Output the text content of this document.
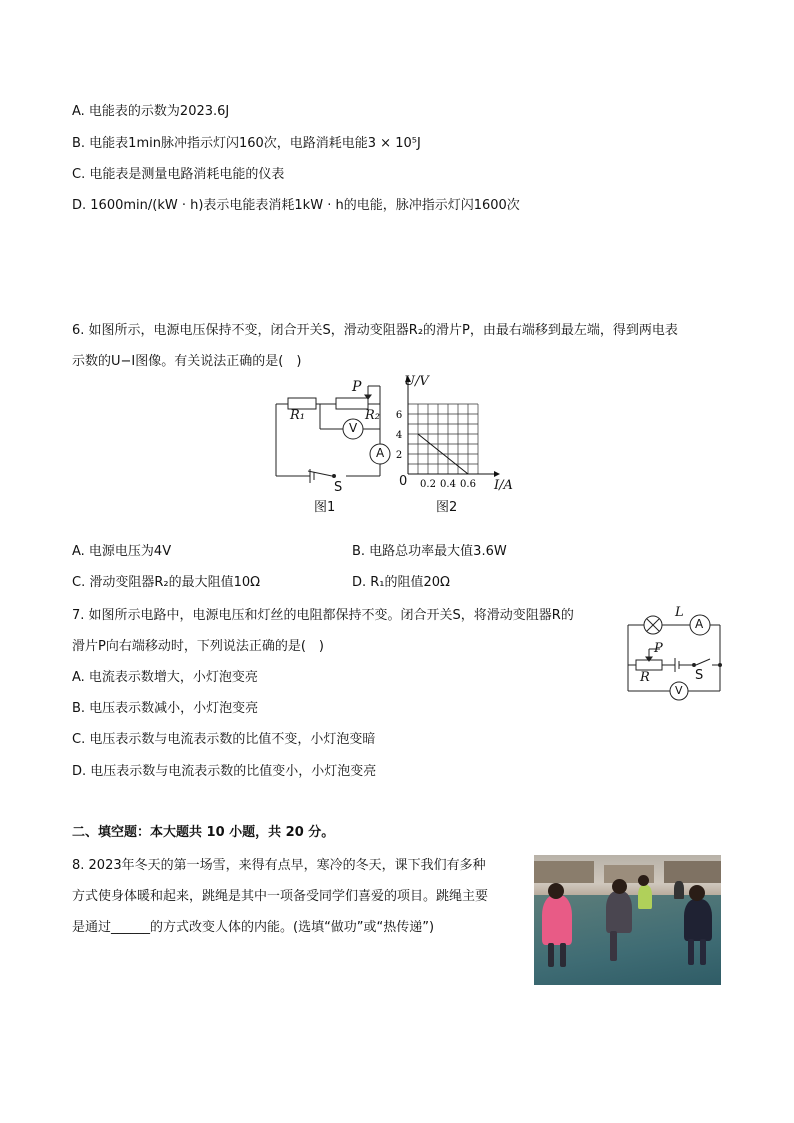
A. 电能表的示数为2023.6J
B. 电能表1min脉冲指示灯闪160次，电路消耗电能3 × 10⁵J
C. 电能表是测量电路消耗电能的仪表
D. 1600min/(kW · h)表示电能表消耗1kW · h的电能，脉冲指示灯闪1600次
6. 如图所示，电源电压保持不变，闭合开关S，滑动变阻器R₂的滑片P，由最右端移到最左端，得到两电表
示数的U−I图像。有关说法正确的是(　)
P
R₁	R₂
V
A
S
图1
2
4
6
0.2 0.4 0.6
U/V
I/A
0
图2
A. 电源电压为4V	B. 电路总功率最大值3.6W
C. 滑动变阻器R₂的最大阻值10Ω	D. R₁的阻值20Ω
7. 如图所示电路中，电源电压和灯丝的电阻都保持不变。闭合开关S，将滑动变阻器R的
滑片P向右端移动时，下列说法正确的是(　)
L
A
P
R	S
V
A. 电流表示数增大，小灯泡变亮
B. 电压表示数减小，小灯泡变亮
C. 电压表示数与电流表示数的比值不变，小灯泡变暗
D. 电压表示数与电流表示数的比值变小，小灯泡变亮
二、填空题：本大题共 10 小题，共 20 分。
8. 2023年冬天的第一场雪，来得有点早，寒冷的冬天，课下我们有多种
方式使身体暖和起来，跳绳是其中一项备受同学们喜爱的项目。跳绳主要
是通过______的方式改变人体的内能。(选填“做功”或“热传递”)
